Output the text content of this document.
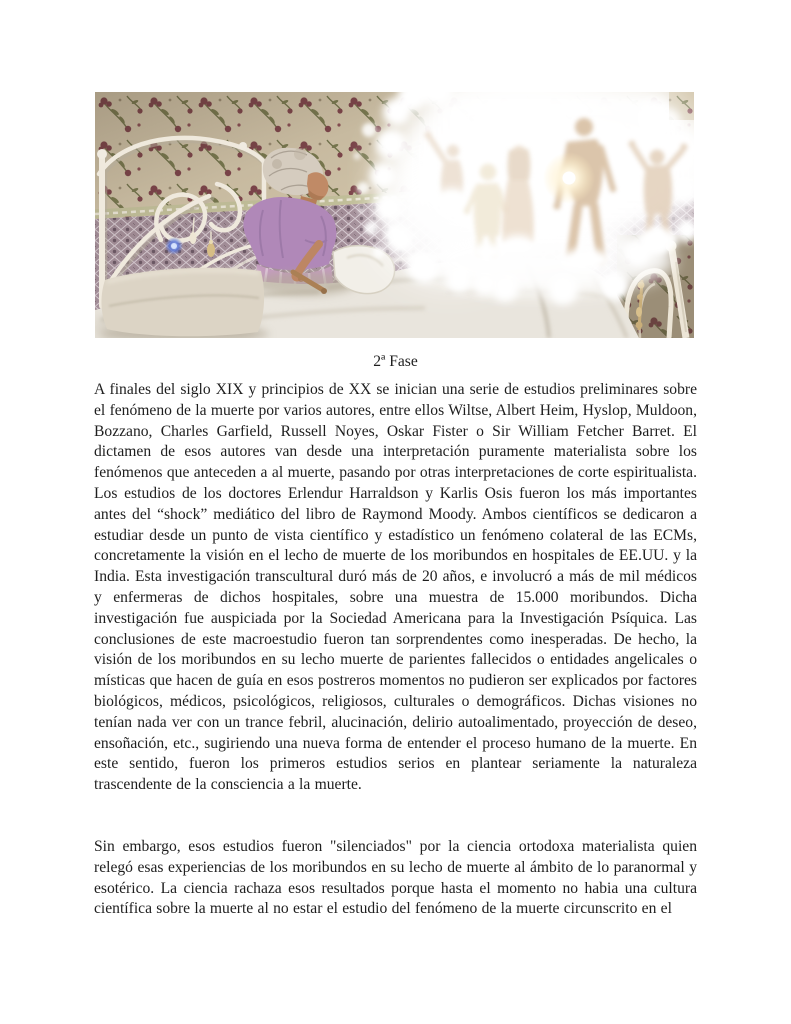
2ª Fase

A finales del siglo XIX y principios de XX se inician una serie de estudios preliminares sobre el fenómeno de la muerte por varios autores, entre ellos Wiltse, Albert Heim, Hyslop, Muldoon, Bozzano, Charles Garfield, Russell Noyes, Oskar Fister o Sir William Fetcher Barret. El dictamen de esos autores van desde una interpretación puramente materialista sobre los fenómenos que anteceden a al muerte, pasando por otras interpretaciones de corte espiritualista. Los estudios de los doctores Erlendur Harraldson y Karlis Osis fueron los más importantes antes del “shock” mediático del libro de Raymond Moody. Ambos científicos se dedicaron a estudiar desde un punto de vista científico y estadístico un fenómeno colateral de las ECMs, concretamente la visión en el lecho de muerte de los moribundos en hospitales de EE.UU. y la India. Esta investigación transcultural duró más de 20 años, e involucró a más de mil médicos y enfermeras de dichos hospitales, sobre una muestra de 15.000 moribundos. Dicha investigación fue auspiciada por la Sociedad Americana para la Investigación Psíquica. Las conclusiones de este macroestudio fueron tan sorprendentes como inesperadas. De hecho, la visión de los moribundos en su lecho muerte de parientes fallecidos o entidades angelicales o místicas que hacen de guía en esos postreros momentos no pudieron ser explicados por factores biológicos, médicos, psicológicos, religiosos, culturales o demográficos. Dichas visiones no tenían nada ver con un trance febril, alucinación, delirio autoalimentado, proyección de deseo, ensoñación, etc., sugiriendo una nueva forma de entender el proceso humano de la muerte. En este sentido, fueron los primeros estudios serios en plantear seriamente la naturaleza trascendente de la consciencia a la muerte.

Sin embargo, esos estudios fueron "silenciados" por la ciencia ortodoxa materialista quien relegó esas experiencias de los moribundos en su lecho de muerte al ámbito de lo paranormal y esotérico. La ciencia rachaza esos resultados porque hasta el momento no habia una cultura científica sobre la muerte al no estar el estudio del fenómeno de la muerte circunscrito en el
